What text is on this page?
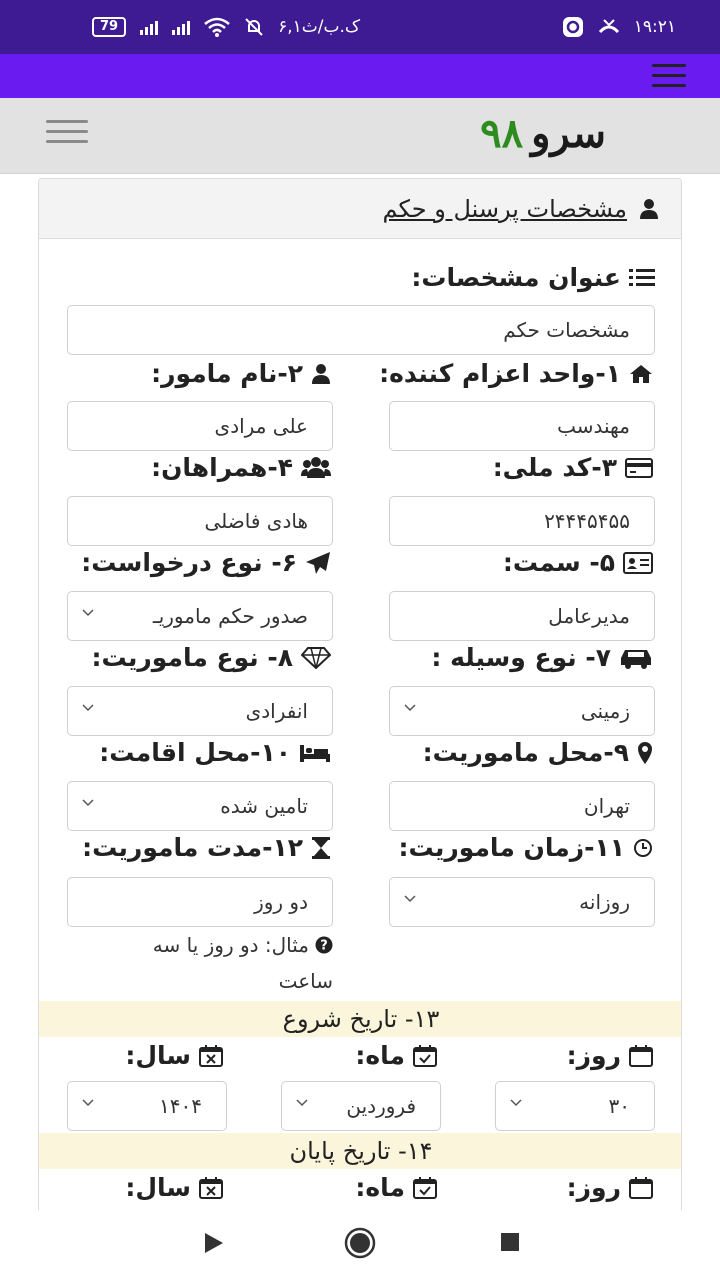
79	۶,۱ک.ب/ث	۱۹:۲۱
سرو۹۸
مشخصات پرسنل و حکم
عنوان مشخصات:
مشخصات حکم
۱-واحد اعزام کننده:
۲-نام مامور:
مهندسب
علی مرادی
۳-کد ملی:
۴-همراهان:
۲۴۴۴۵۴۵۵
هادی فاضلی
۵- سمت:
۶- نوع درخواست:
مدیرعامل
صدور حکم ماموریـ
۷- نوع وسیله :
۸- نوع ماموریت:
زمینی
انفرادی
۹-محل ماموریت:
۱۰-محل اقامت:
تهران
تامین شده
۱۱-زمان ماموریت:
۱۲-مدت ماموریت:
روزانه
دو روز
?
مثال: دو روز یا سه ساعت
۱۳- تاریخ شروع
روز:
ماه:
سال:
۳۰
فروردین
۱۴۰۴
۱۴- تاریخ پایان
روز:
ماه:
سال:
